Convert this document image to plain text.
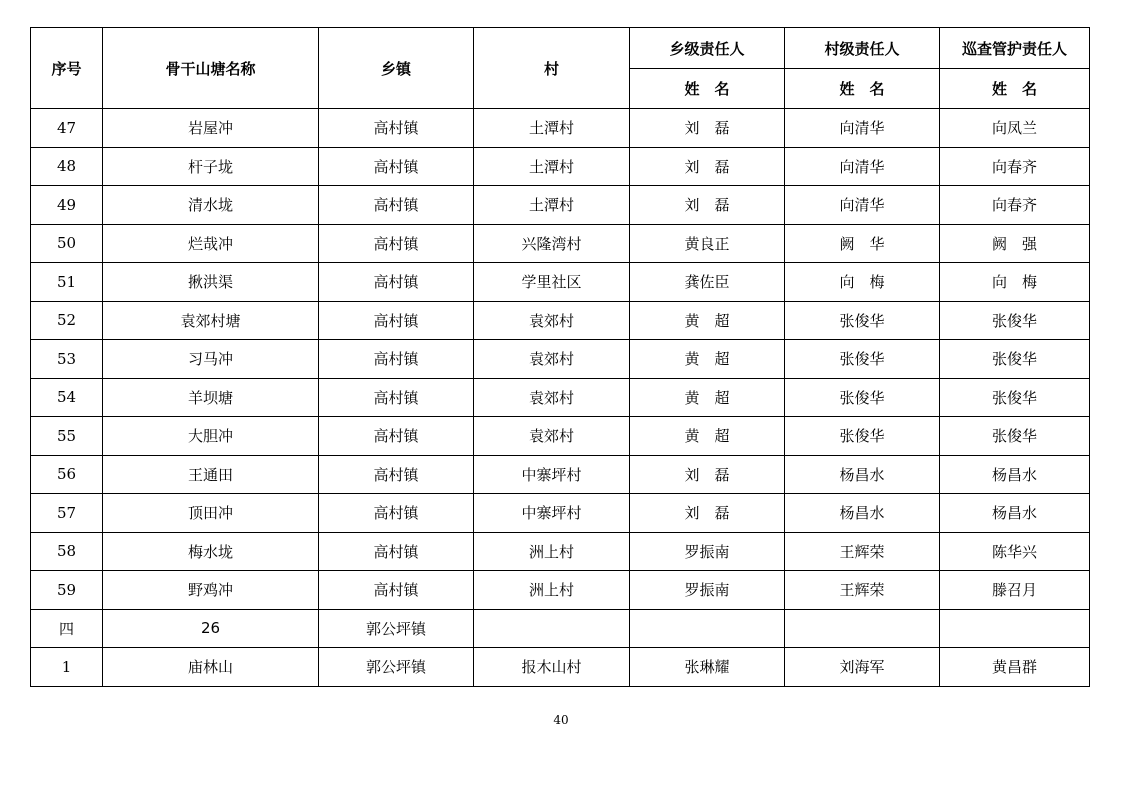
序号	骨干山塘名称	乡镇	村	乡级责任人	村级责任人	巡查管护责任人
				姓　名	姓　名	姓　名
47	岩屋冲	高村镇	土潭村	刘　磊	向清华	向凤兰
48	杆子垅	高村镇	土潭村	刘　磊	向清华	向春齐
49	清水垅	高村镇	土潭村	刘　磊	向清华	向春齐
50	烂哉冲	高村镇	兴隆湾村	黄良正	阙　华	阙　强
51	揪洪渠	高村镇	学里社区	龚佐臣	向　梅	向　梅
52	袁郊村塘	高村镇	袁郊村	黄　超	张俊华	张俊华
53	习马冲	高村镇	袁郊村	黄　超	张俊华	张俊华
54	羊坝塘	高村镇	袁郊村	黄　超	张俊华	张俊华
55	大胆冲	高村镇	袁郊村	黄　超	张俊华	张俊华
56	王通田	高村镇	中寨坪村	刘　磊	杨昌水	杨昌水
57	顶田冲	高村镇	中寨坪村	刘　磊	杨昌水	杨昌水
58	梅水垅	高村镇	洲上村	罗振南	王辉荣	陈华兴
59	野鸡冲	高村镇	洲上村	罗振南	王辉荣	滕召月
四	26	郭公坪镇				
1	庙林山	郭公坪镇	报木山村	张琳耀	刘海军	黄昌群
40
